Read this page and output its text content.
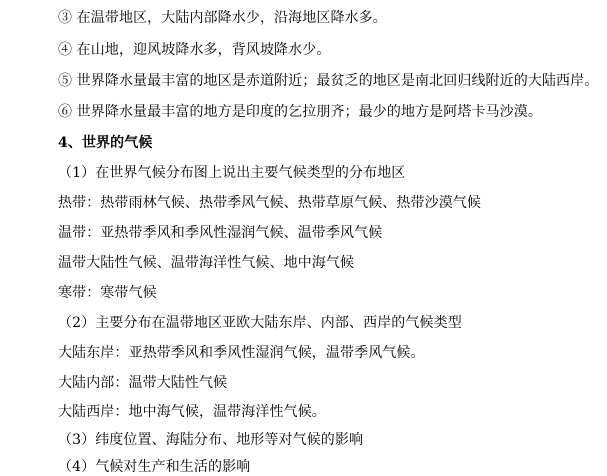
③ 在温带地区，大陆内部降水少，沿海地区降水多。
④ 在山地，迎风坡降水多，背风坡降水少。
⑤ 世界降水量最丰富的地区是赤道附近；最贫乏的地区是南北回归线附近的大陆西岸。
⑥ 世界降水量最丰富的地方是印度的乞拉朋齐；最少的地方是阿塔卡马沙漠。
4、世界的气候
（1）在世界气候分布图上说出主要气候类型的分布地区
热带：热带雨林气候、热带季风气候、热带草原气候、热带沙漠气候
温带：亚热带季风和季风性湿润气候、温带季风气候
温带大陆性气候、温带海洋性气候、地中海气候
寒带：寒带气候
（2）主要分布在温带地区亚欧大陆东岸、内部、西岸的气候类型
大陆东岸：亚热带季风和季风性湿润气候，温带季风气候。
大陆内部：温带大陆性气候
大陆西岸：地中海气候，温带海洋性气候。
（3）纬度位置、海陆分布、地形等对气候的影响
（4）气候对生产和生活的影响
